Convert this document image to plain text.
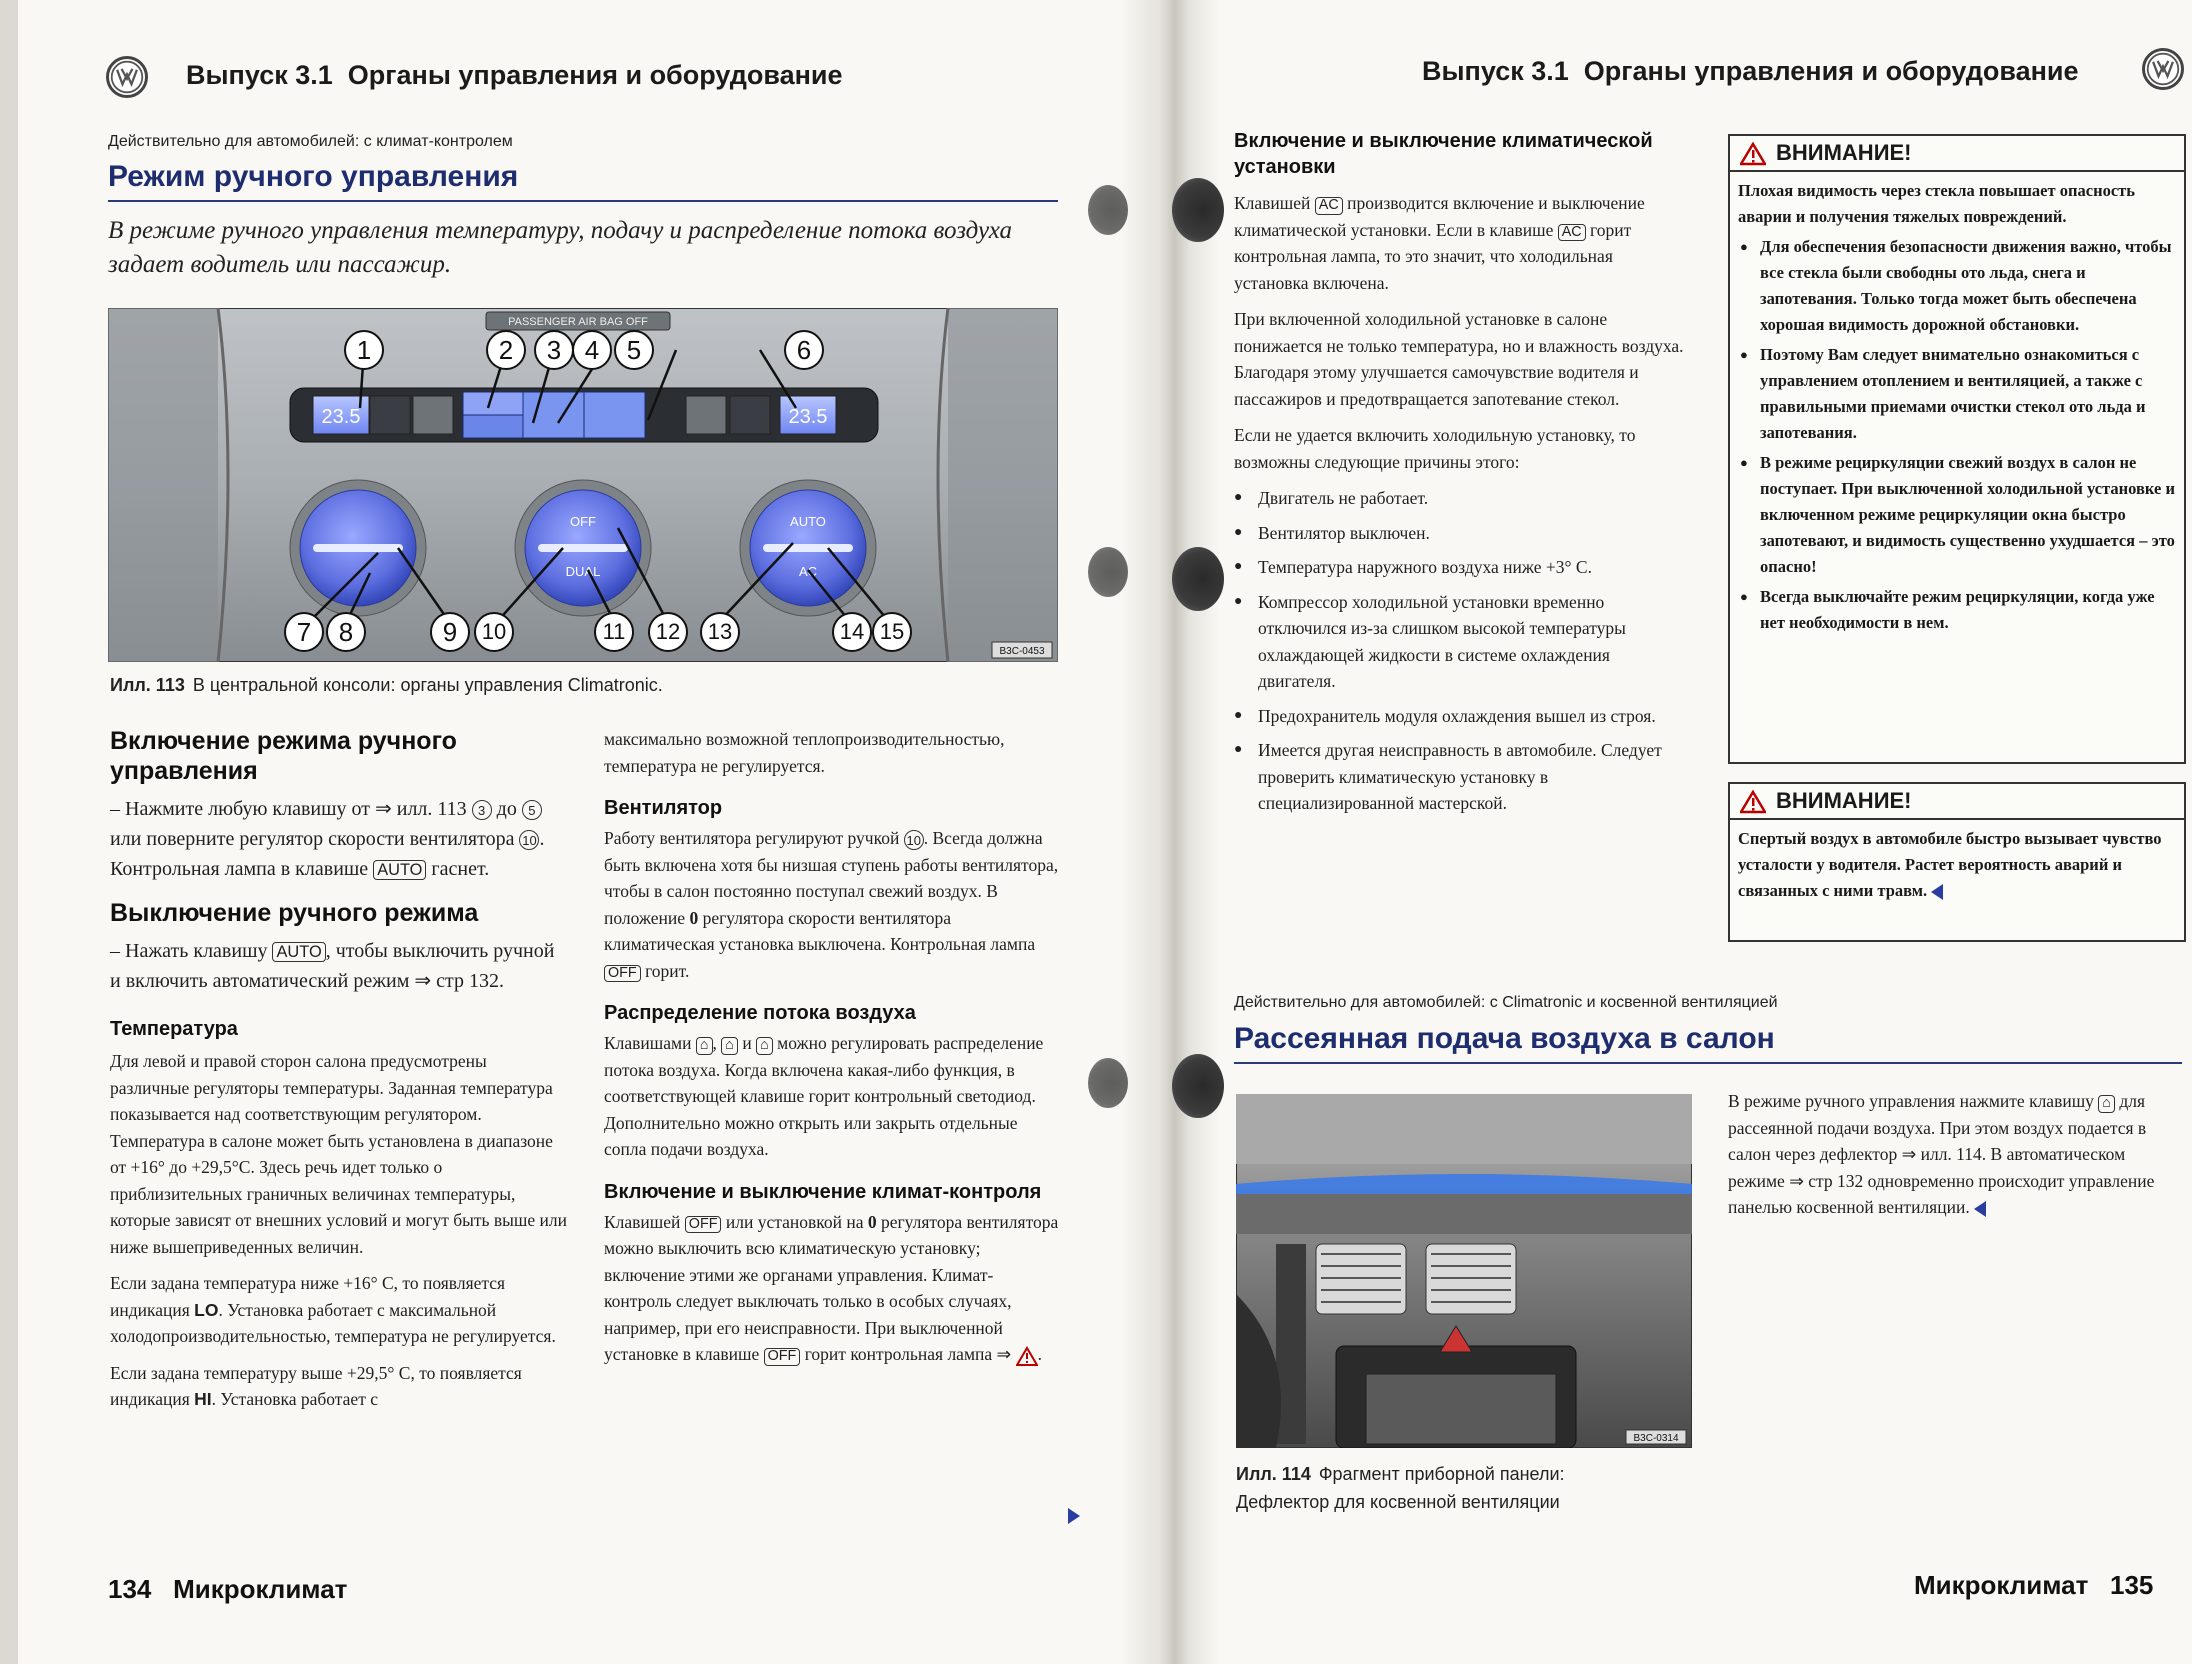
Выпуск 3.1 Органы управления и оборудование
Действительно для автомобилей: с климат-контролем
Режим ручного управления
В режиме ручного управления температуру, подачу и распределение потока воздуха задает водитель или пассажир.
PASSENGER AIR BAG OFF
23.5	23.5
OFF
DUAL
AUTO
AC
B3C-0453
1	2	3 4	5	6
7	8	9	10	11	12	13	14 15
Илл. 113 В центральной консоли: органы управления Climatronic.
Включение режима ручного управления
– Нажмите любую клавишу от ⇒ илл. 113 3 до 5 или поверните регулятор скорости вентилятора 10 . Контрольная лампа в клавише AUTO гаснет.
Выключение ручного режима
– Нажать клавишу AUTO , чтобы выключить ручной и включить автоматический режим ⇒ стр 132.
Температура

Для левой и правой сторон салона предусмотрены различные регуляторы температуры. Заданная температура показывается над соответствующим регулятором. Температура в салоне может быть установлена в диапазоне от +16° до +29,5°С. Здесь речь идет только о приблизительных граничных величинах температуры, которые зависят от внешних условий и могут быть выше или ниже вышеприведенных величин.

Если задана температура ниже +16° С, то появляется индикация LO. Установка работает с максимальной холодопроизводительностью, температура не регулируется.

Если задана температуру выше +29,5° С, то появляется индикация HI. Установка работает с

максимально возможной теплопроизводительностью, температура не регулируется.
Вентилятор
Работу вентилятора регулируют ручкой 10 . Всегда должна быть включена хотя бы низшая ступень работы вентилятора, чтобы в салон постоянно поступал свежий воздух. В положение 0 регулятора скорости вентилятора климатическая установка выключена. Контрольная лампа OFF горит.
Распределение потока воздуха
Клавишами ⌂ , ⌂ и ⌂ можно регулировать распределение потока воздуха. Когда включена какая-либо функция, в соответствующей клавише горит контрольный светодиод. Дополнительно можно открыть или закрыть отдельные сопла подачи воздуха.
Включение и выключение климат-контроля
Клавишей OFF или установкой на 0 регулятора вентилятора можно выключить всю климатическую установку; включение этими же органами управления. Климат-контроль следует выключать только в особых случаях, например, при его неисправности. При выключенной установке в клавише OFF горит контрольная лампа ⇒ .
134 Микроклимат
Выпуск 3.1 Органы управления и оборудование
Включение и выключение климатической установки

Клавишей AC производится включение и выключение климатической установки. Если в клавише AC горит контрольная лампа, то это значит, что холодильная установка включена.

При включенной холодильной установке в салоне понижается не только температура, но и влажность воздуха. Благодаря этому улучшается самочувствие водителя и пассажиров и предотвращается запотевание стекол.

Если не удается включить холодильную установку, то возможны следующие причины этого:

● Двигатель не работает.
● Вентилятор выключен.
● Температура наружного воздуха ниже +3° С.
● Компрессор холодильной установки временно отключился из-за слишком высокой температуры охлаждающей жидкости в системе охлаждения двигателя.
● Предохранитель модуля охлаждения вышел из строя.
● Имеется другая неисправность в автомобиле. Следует проверить климатическую установку в специализированной мастерской.
ВНИМАНИЕ!
Плохая видимость через стекла повышает опасность аварии и получения тяжелых повреждений.
● Для обеспечения безопасности движения важно, чтобы все стекла были свободны ото льда, снега и запотевания. Только тогда может быть обеспечена хорошая видимость дорожной обстановки.
● Поэтому Вам следует внимательно ознакомиться с управлением отоплением и вентиляцией, а также с правильными приемами очистки стекол ото льда и запотевания.
● В режиме рециркуляции свежий воздух в салон не поступает. При выключенной холодильной установке и включенном режиме рециркуляции окна быстро запотевают, и видимость существенно ухудшается – это опасно!
● Всегда выключайте режим рециркуляции, когда уже нет необходимости в нем.
ВНИМАНИЕ!
Спертый воздух в автомобиле быстро вызывает чувство усталости у водителя. Растет вероятность аварий и связанных с ними травм.
Действительно для автомобилей: с Climatronic и косвенной вентиляцией
Рассеянная подача воздуха в салон
B3C-0314
Илл. 114 Фрагмент приборной панели:
Дефлектор для косвенной вентиляции
В режиме ручного управления нажмите клавишу ⌂ для рассеянной подачи воздуха. При этом воздух подается в салон через дефлектор ⇒ илл. 114. В автоматическом режиме ⇒ стр 132 одновременно происходит управление панелью косвенной вентиляции.
Микроклимат 135
